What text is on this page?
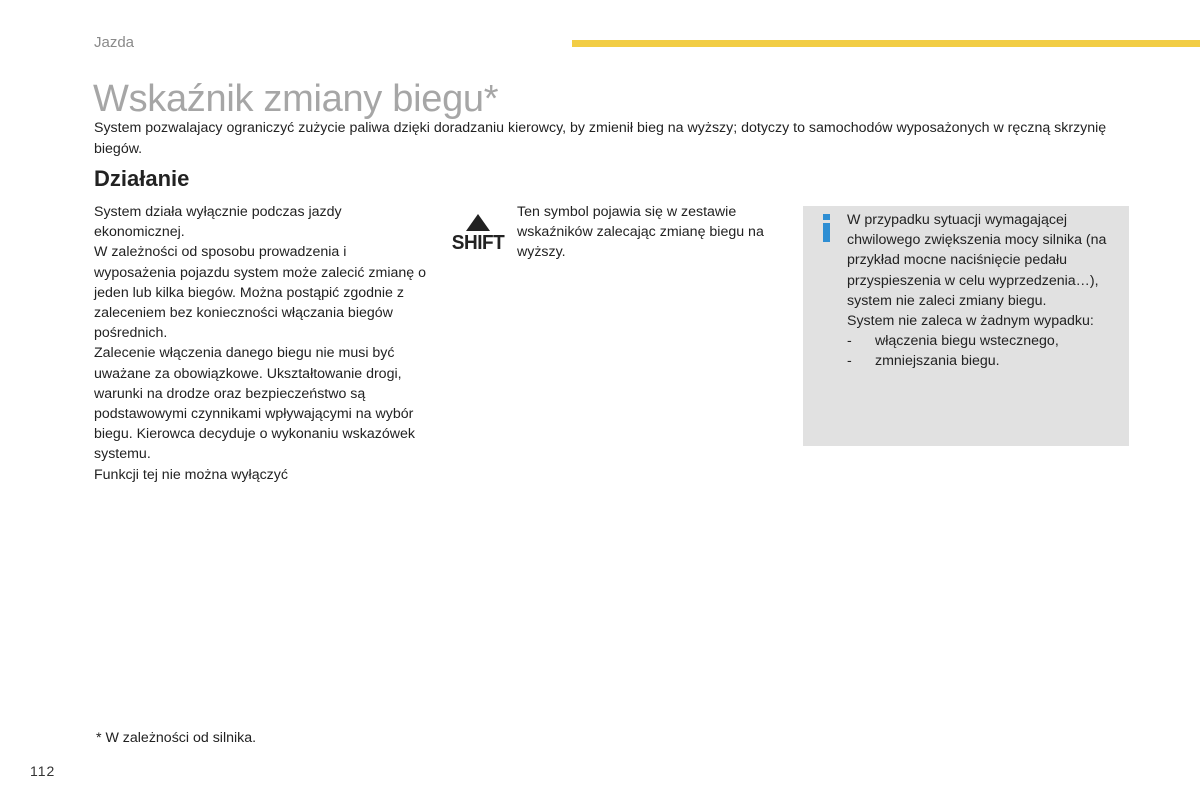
Jazda
Wskaźnik zmiany biegu*
System pozwalajacy ograniczyć zużycie paliwa dzięki doradzaniu kierowcy, by zmienił bieg na wyższy; dotyczy to samochodów wyposażonych w ręczną skrzynię biegów.
Działanie

System działa wyłącznie podczas jazdy ekonomicznej.

W zależności od sposobu prowadzenia i wyposażenia pojazdu system może zalecić zmianę o jeden lub kilka biegów. Można postąpić zgodnie z zaleceniem bez konieczności włączania biegów pośrednich.

Zalecenie włączenia danego biegu nie musi być uważane za obowiązkowe. Ukształtowanie drogi, warunki na drodze oraz bezpieczeństwo są podstawowymi czynnikami wpływającymi na wybór biegu. Kierowca decyduje o wykonaniu wskazówek systemu.

Funkcji tej nie można wyłączyć

SHIFT
Ten symbol pojawia się w zestawie wskaźników zalecając zmianę biegu na wyższy.

W przypadku sytuacji wymagającej chwilowego zwiększenia mocy silnika (na przykład mocne naciśnięcie pedału przyspieszenia w celu wyprzedzenia…), system nie zaleci zmiany biegu.

System nie zaleca w żadnym wypadku:

- włączenia biegu wstecznego,
- zmniejszania biegu.
* W zależności od silnika.
112
